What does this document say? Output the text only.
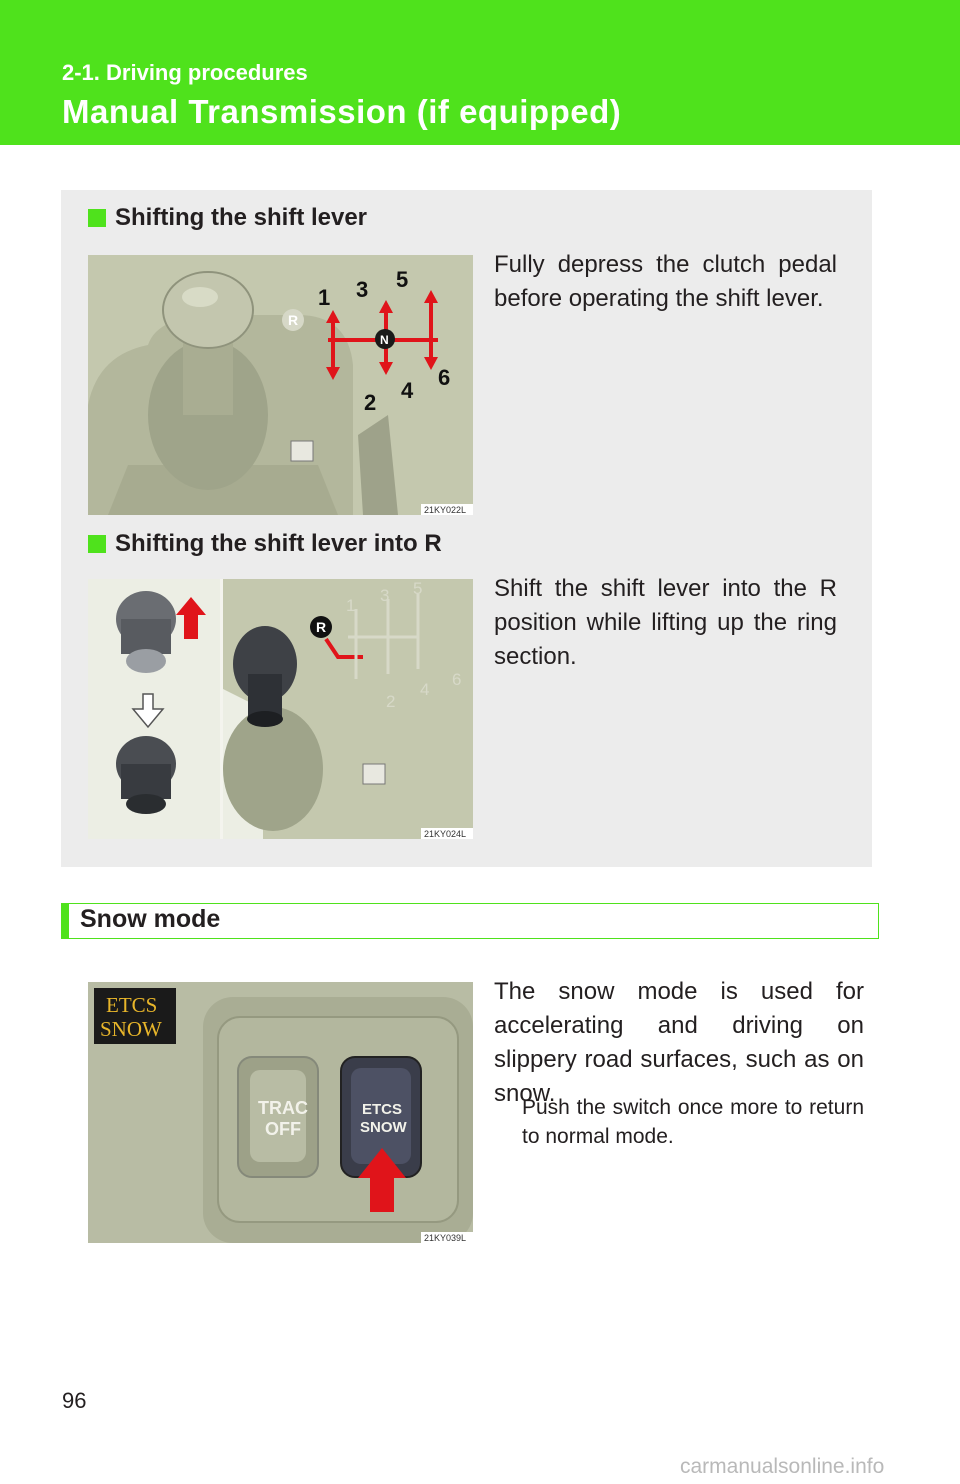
2-1. Driving procedures
Manual Transmission (if equipped)
Shifting the shift lever
R
N
1 3 5
2 4
6
21KY022L
Fully depress the clutch pedal before operating the shift lever.
Shifting the shift lever into R
R
1
3 5
2
4
6
21KY024L
Shift the shift lever into the R position while lifting up the ring section.
Snow mode
ETCS
SNOW
TRAC
OFF
ETCS
SNOW
21KY039L
The snow mode is used for accelerating and driving on slippery road surfaces, such as on snow.
Push the switch once more to return to normal mode.
96
carmanualsonline.info
